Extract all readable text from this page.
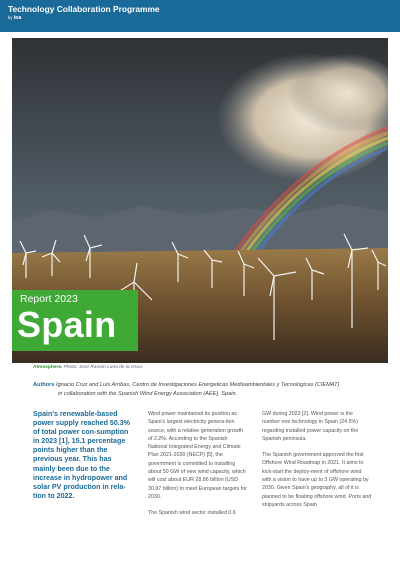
Technology Collaboration Programme
by iea
Report 2023
Spain
Atmosphere. Photo: José Ramón Luna de la Ossa
Authors Ignacio Cruz and Luis Arribas, Centro de Investigaciones Energeticas Medioambientales y Tecnologicas (CIEMAT)
in collaboration with the Spanish Wind Energy Association (AEE), Spain.

Spain's renewable-based power supply reached 50.3% of total power con-sumption in 2023 [1], 15.1 percentage points higher than the previous year. This has mainly been due to the increase in hydropower and solar PV production in rela-tion to 2022.

Wind power maintained its position as Spain's largest electricity genera-tion source, with a relative generation growth of 2.2%. According to the Spanish National Integrated Energy and Climate Plan 2021-2030 (NECP) [5], the government is committed to installing about 50 GW of new wind capacity, which will cost about EUR 28.86 billion (USD 30.97 billion) to meet European targets for 2030.

The Spanish wind sector installed 0.6

GW during 2023 [2]. Wind power is the number one technology in Spain (24.5%) regarding installed power capacity on the Spanish peninsula.

The Spanish government approved the first Offshore Wind Roadmap in 2021. It aims to kick-start the deploy-ment of offshore wind with a vision to have up to 3 GW operating by 2030. Given Spain's geography, all of it is planned to be floating offshore wind. Ports and shipyards across Spain
